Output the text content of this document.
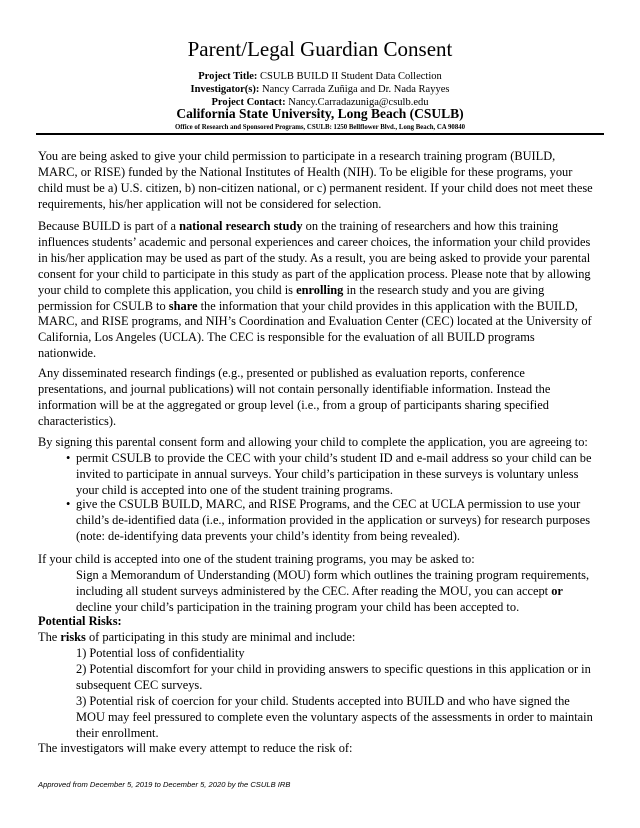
Parent/Legal Guardian Consent
Project Title: CSULB BUILD II Student Data Collection
Investigator(s): Nancy Carrada Zuñiga and Dr. Nada Rayyes
Project Contact: Nancy.Carradazuniga@csulb.edu
California State University, Long Beach (CSULB)
Office of Research and Sponsored Programs, CSULB: 1250 Bellflower Blvd., Long Beach, CA 90840
You are being asked to give your child permission to participate in a research training program (BUILD,
MARC, or RISE) funded by the National Institutes of Health (NIH). To be eligible for these programs, your
child must be a) U.S. citizen, b) non-citizen national, or c) permanent resident. If your child does not meet these
requirements, his/her application will not be considered for selection.
Because BUILD is part of a national research study on the training of researchers and how this training
influences students’ academic and personal experiences and career choices, the information your child provides
in his/her application may be used as part of the study. As a result, you are being asked to provide your parental
consent for your child to participate in this study as part of the application process. Please note that by allowing
your child to complete this application, you child is enrolling in the research study and you are giving
permission for CSULB to share the information that your child provides in this application with the BUILD,
MARC, and RISE programs, and NIH’s Coordination and Evaluation Center (CEC) located at the University of
California, Los Angeles (UCLA). The CEC is responsible for the evaluation of all BUILD programs
nationwide.
Any disseminated research findings (e.g., presented or published as evaluation reports, conference
presentations, and journal publications) will not contain personally identifiable information. Instead the
information will be at the aggregated or group level (i.e., from a group of participants sharing specified
characteristics).
By signing this parental consent form and allowing your child to complete the application, you are agreeing to:
• permit CSULB to provide the CEC with your child’s student ID and e-mail address so your child can be
invited to participate in annual surveys. Your child’s participation in these surveys is voluntary unless
your child is accepted into one of the student training programs.
• give the CSULB BUILD, MARC, and RISE Programs, and the CEC at UCLA permission to use your
child’s de-identified data (i.e., information provided in the application or surveys) for research purposes
(note: de-identifying data prevents your child’s identity from being revealed).
If your child is accepted into one of the student training programs, you may be asked to:
Sign a Memorandum of Understanding (MOU) form which outlines the training program requirements,
including all student surveys administered by the CEC. After reading the MOU, you can accept or
decline your child’s participation in the training program your child has been accepted to.
Potential Risks:
The risks of participating in this study are minimal and include:
1) Potential loss of confidentiality
2) Potential discomfort for your child in providing answers to specific questions in this application or in
subsequent CEC surveys.
3) Potential risk of coercion for your child. Students accepted into BUILD and who have signed the
MOU may feel pressured to complete even the voluntary aspects of the assessments in order to maintain
their enrollment.
The investigators will make every attempt to reduce the risk of:
Approved from December 5, 2019 to December 5, 2020 by the CSULB IRB
